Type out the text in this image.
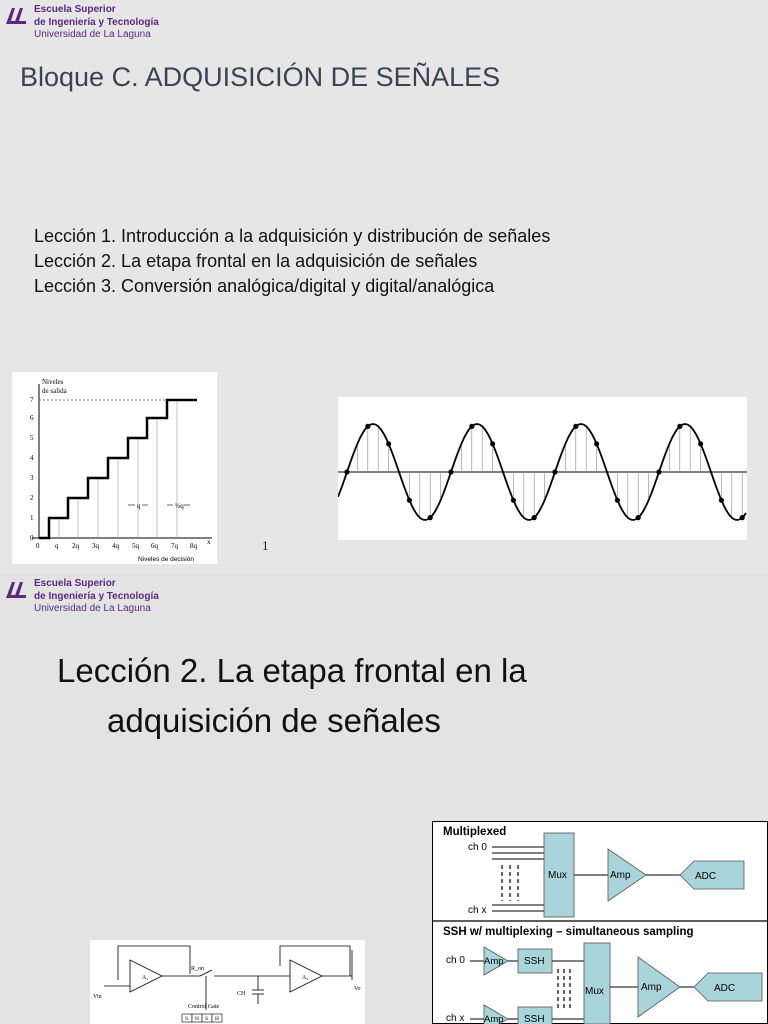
Escuela Superior
de Ingeniería y Tecnología
Universidad de La Laguna
Bloque C. ADQUISICIÓN DE SEÑALES
Lección 1. Introducción a la adquisición y distribución de señales
Lección 2. La etapa frontal en la adquisición de señales
Lección 3. Conversión analógica/digital y digital/analógica
0
1
2
3
4
5
6
7
Niveles
de salida
0 q 2q 3q 4q 5q 6q 7q 8q x
q	½q
Niveles de decisión
1
Escuela Superior
de Ingeniería y Tecnología
Universidad de La Laguna
Lección 2. La etapa frontal en la
adquisición de señales
A₁	A₂
R_on
Control Gate
CH
Vin
Vo
S H S H
Multiplexed
ch 0
ch x
Mux	Amp	ADC
SSH w/ multiplexing – simultaneous sampling
ch 0
ch x
Amp SSH
Amp SSH
Mux	Amp	ADC
